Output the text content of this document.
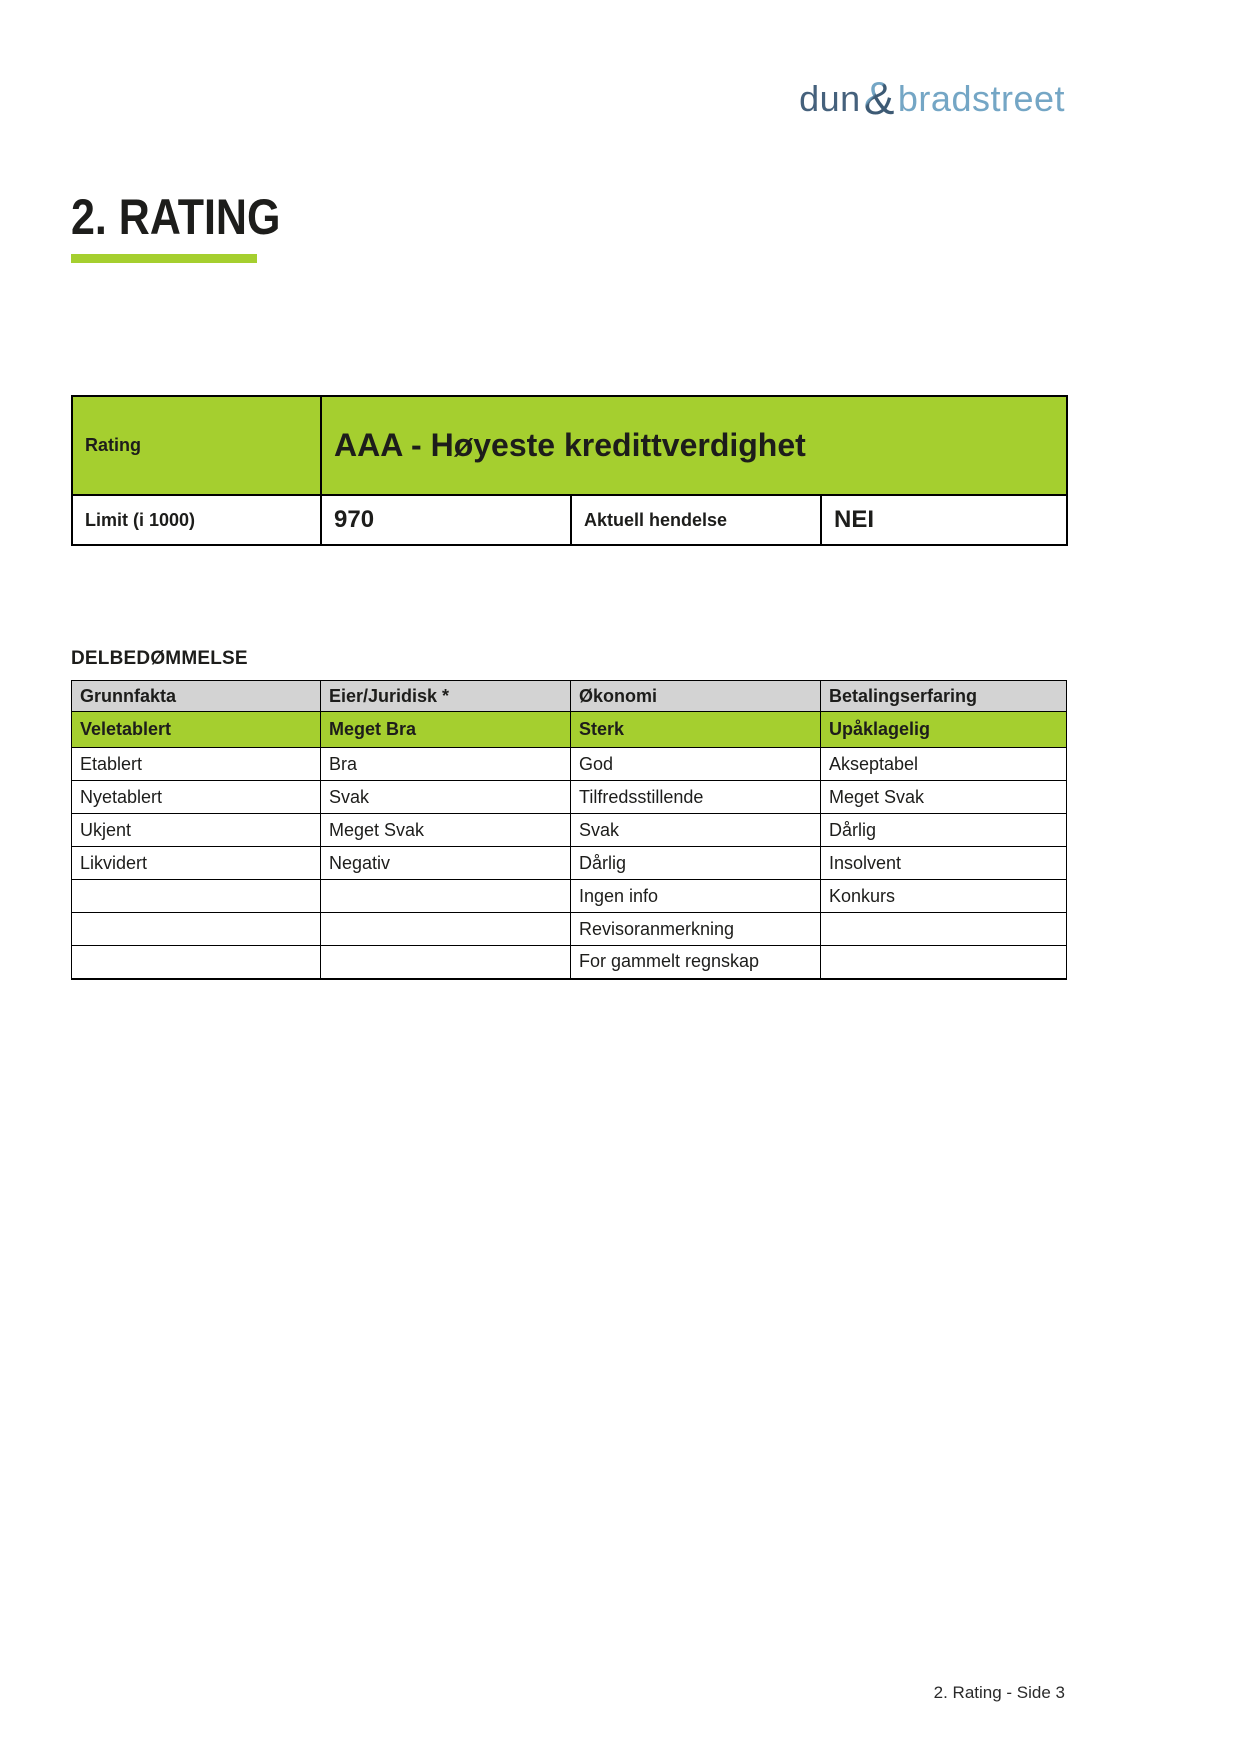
dun&bradstreet
2. RATING
Rating	AAA - Høyeste kredittverdighet		
Limit (i 1000)	970	Aktuell hendelse	NEI
DELBEDØMMELSE
Grunnfakta	Eier/Juridisk *	Økonomi	Betalingserfaring
Veletablert	Meget Bra	Sterk	Upåklagelig
Etablert	Bra	God	Akseptabel
Nyetablert	Svak	Tilfredsstillende	Meget Svak
Ukjent	Meget Svak	Svak	Dårlig
Likvidert	Negativ	Dårlig	Insolvent
		Ingen info	Konkurs
		Revisoranmerkning	
		For gammelt regnskap	
2. Rating - Side 3
